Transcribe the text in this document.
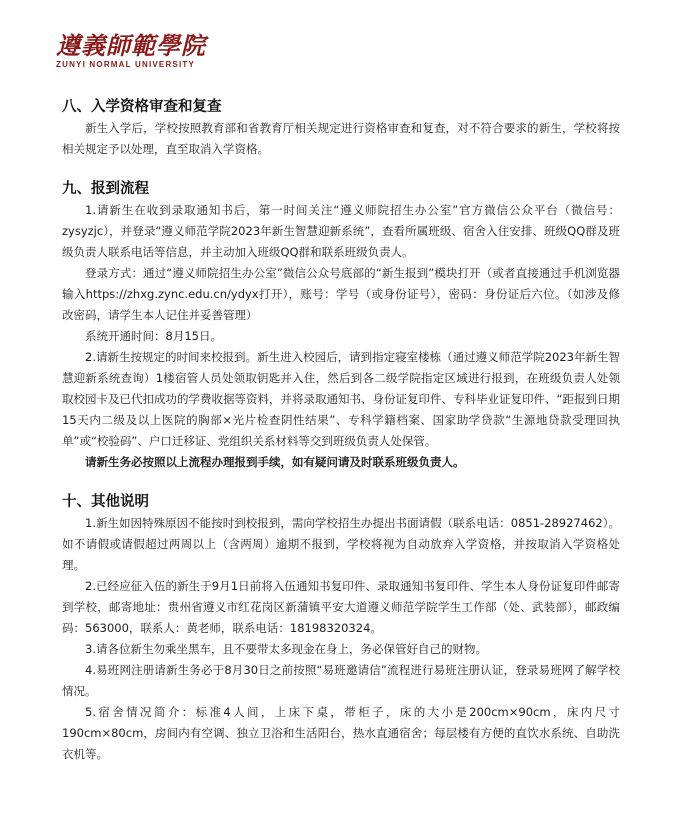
遵義師範學院
ZUNYI NORMAL UNIVERSITY
八、入学资格审查和复查

新生入学后，学校按照教育部和省教育厅相关规定进行资格审查和复查，对不符合要求的新生，学校将按相关规定予以处理，直至取消入学资格。

九、报到流程

1.请新生在收到录取通知书后，第一时间关注“遵义师院招生办公室”官方微信公众平台（微信号：zysyzjc），并登录“遵义师范学院2023年新生智慧迎新系统”，查看所属班级、宿舍入住安排、班级QQ群及班级负责人联系电话等信息，并主动加入班级QQ群和联系班级负责人。

登录方式：通过“遵义师院招生办公室”微信公众号底部的“新生报到”模块打开（或者直接通过手机浏览器输入https://zhxg.zync.edu.cn/ydyx打开），账号：学号（或身份证号），密码：身份证后六位。（如涉及修改密码，请学生本人记住并妥善管理）

系统开通时间：8月15日。

2.请新生按规定的时间来校报到。新生进入校园后，请到指定寝室楼栋（通过遵义师范学院2023年新生智慧迎新系统查询）1楼宿管人员处领取钥匙并入住，然后到各二级学院指定区域进行报到，在班级负责人处领取校园卡及已代扣成功的学费收据等资料，并将录取通知书、身份证复印件、专科毕业证复印件、“距报到日期15天内二级及以上医院的胸部×光片检查阴性结果”、专科学籍档案、国家助学贷款“生源地贷款受理回执单”或“校验码”、户口迁移证、党组织关系材料等交到班级负责人处保管。

请新生务必按照以上流程办理报到手续，如有疑问请及时联系班级负责人。

十、其他说明

1.新生如因特殊原因不能按时到校报到，需向学校招生办提出书面请假（联系电话：0851-28927462）。如不请假或请假超过两周以上（含两周）逾期不报到，学校将视为自动放弃入学资格，并按取消入学资格处理。

2.已经应征入伍的新生于9月1日前将入伍通知书复印件、录取通知书复印件、学生本人身份证复印件邮寄到学校，邮寄地址：贵州省遵义市红花岗区新蒲镇平安大道遵义师范学院学生工作部（处、武装部），邮政编码：563000，联系人：黄老师，联系电话：18198320324。

3.请各位新生勿乘坐黑车，且不要带太多现金在身上，务必保管好自己的财物。

4.易班网注册请新生务必于8月30日之前按照“易班邀请信”流程进行易班注册认证，登录易班网了解学校情况。

5.宿舍情况简介：标准4人间，上床下桌，带柜子，床的大小是200cm×90cm，床内尺寸190cm×80cm，房间内有空调、独立卫浴和生活阳台，热水直通宿舍；每层楼有方便的直饮水系统、自助洗衣机等。
